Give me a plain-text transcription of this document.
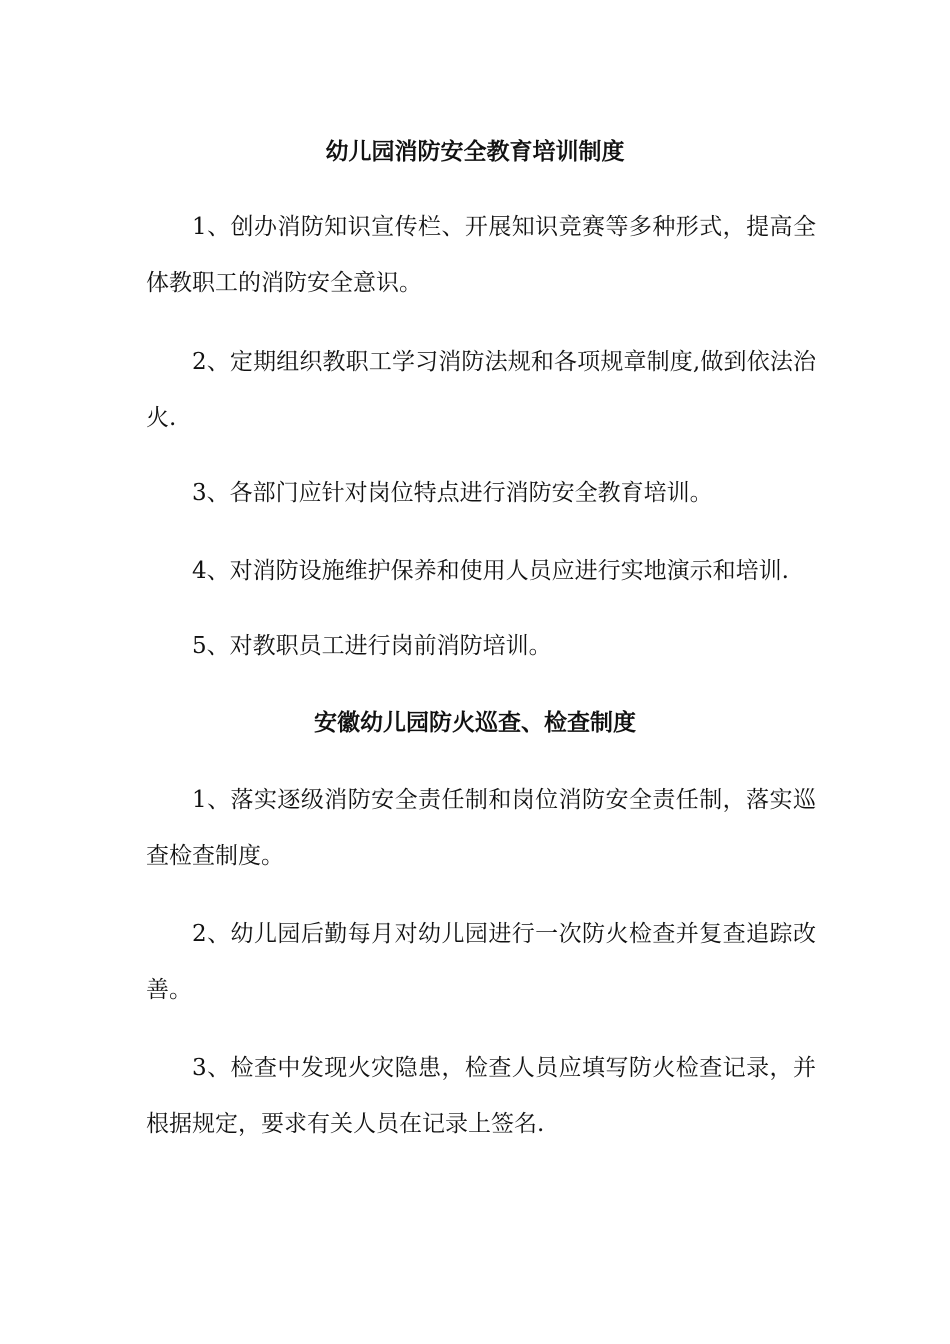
幼儿园消防安全教育培训制度

1、创办消防知识宣传栏、开展知识竞赛等多种形式，提高全体教职工的消防安全意识。

2、定期组织教职工学习消防法规和各项规章制度,做到依法治火.

3、各部门应针对岗位特点进行消防安全教育培训。

4、对消防设施维护保养和使用人员应进行实地演示和培训.

5、对教职员工进行岗前消防培训。

安徽幼儿园防火巡查、检查制度

1、落实逐级消防安全责任制和岗位消防安全责任制，落实巡查检查制度。

2、幼儿园后勤每月对幼儿园进行一次防火检查并复查追踪改善。

3、检查中发现火灾隐患，检查人员应填写防火检查记录，并根据规定，要求有关人员在记录上签名.
